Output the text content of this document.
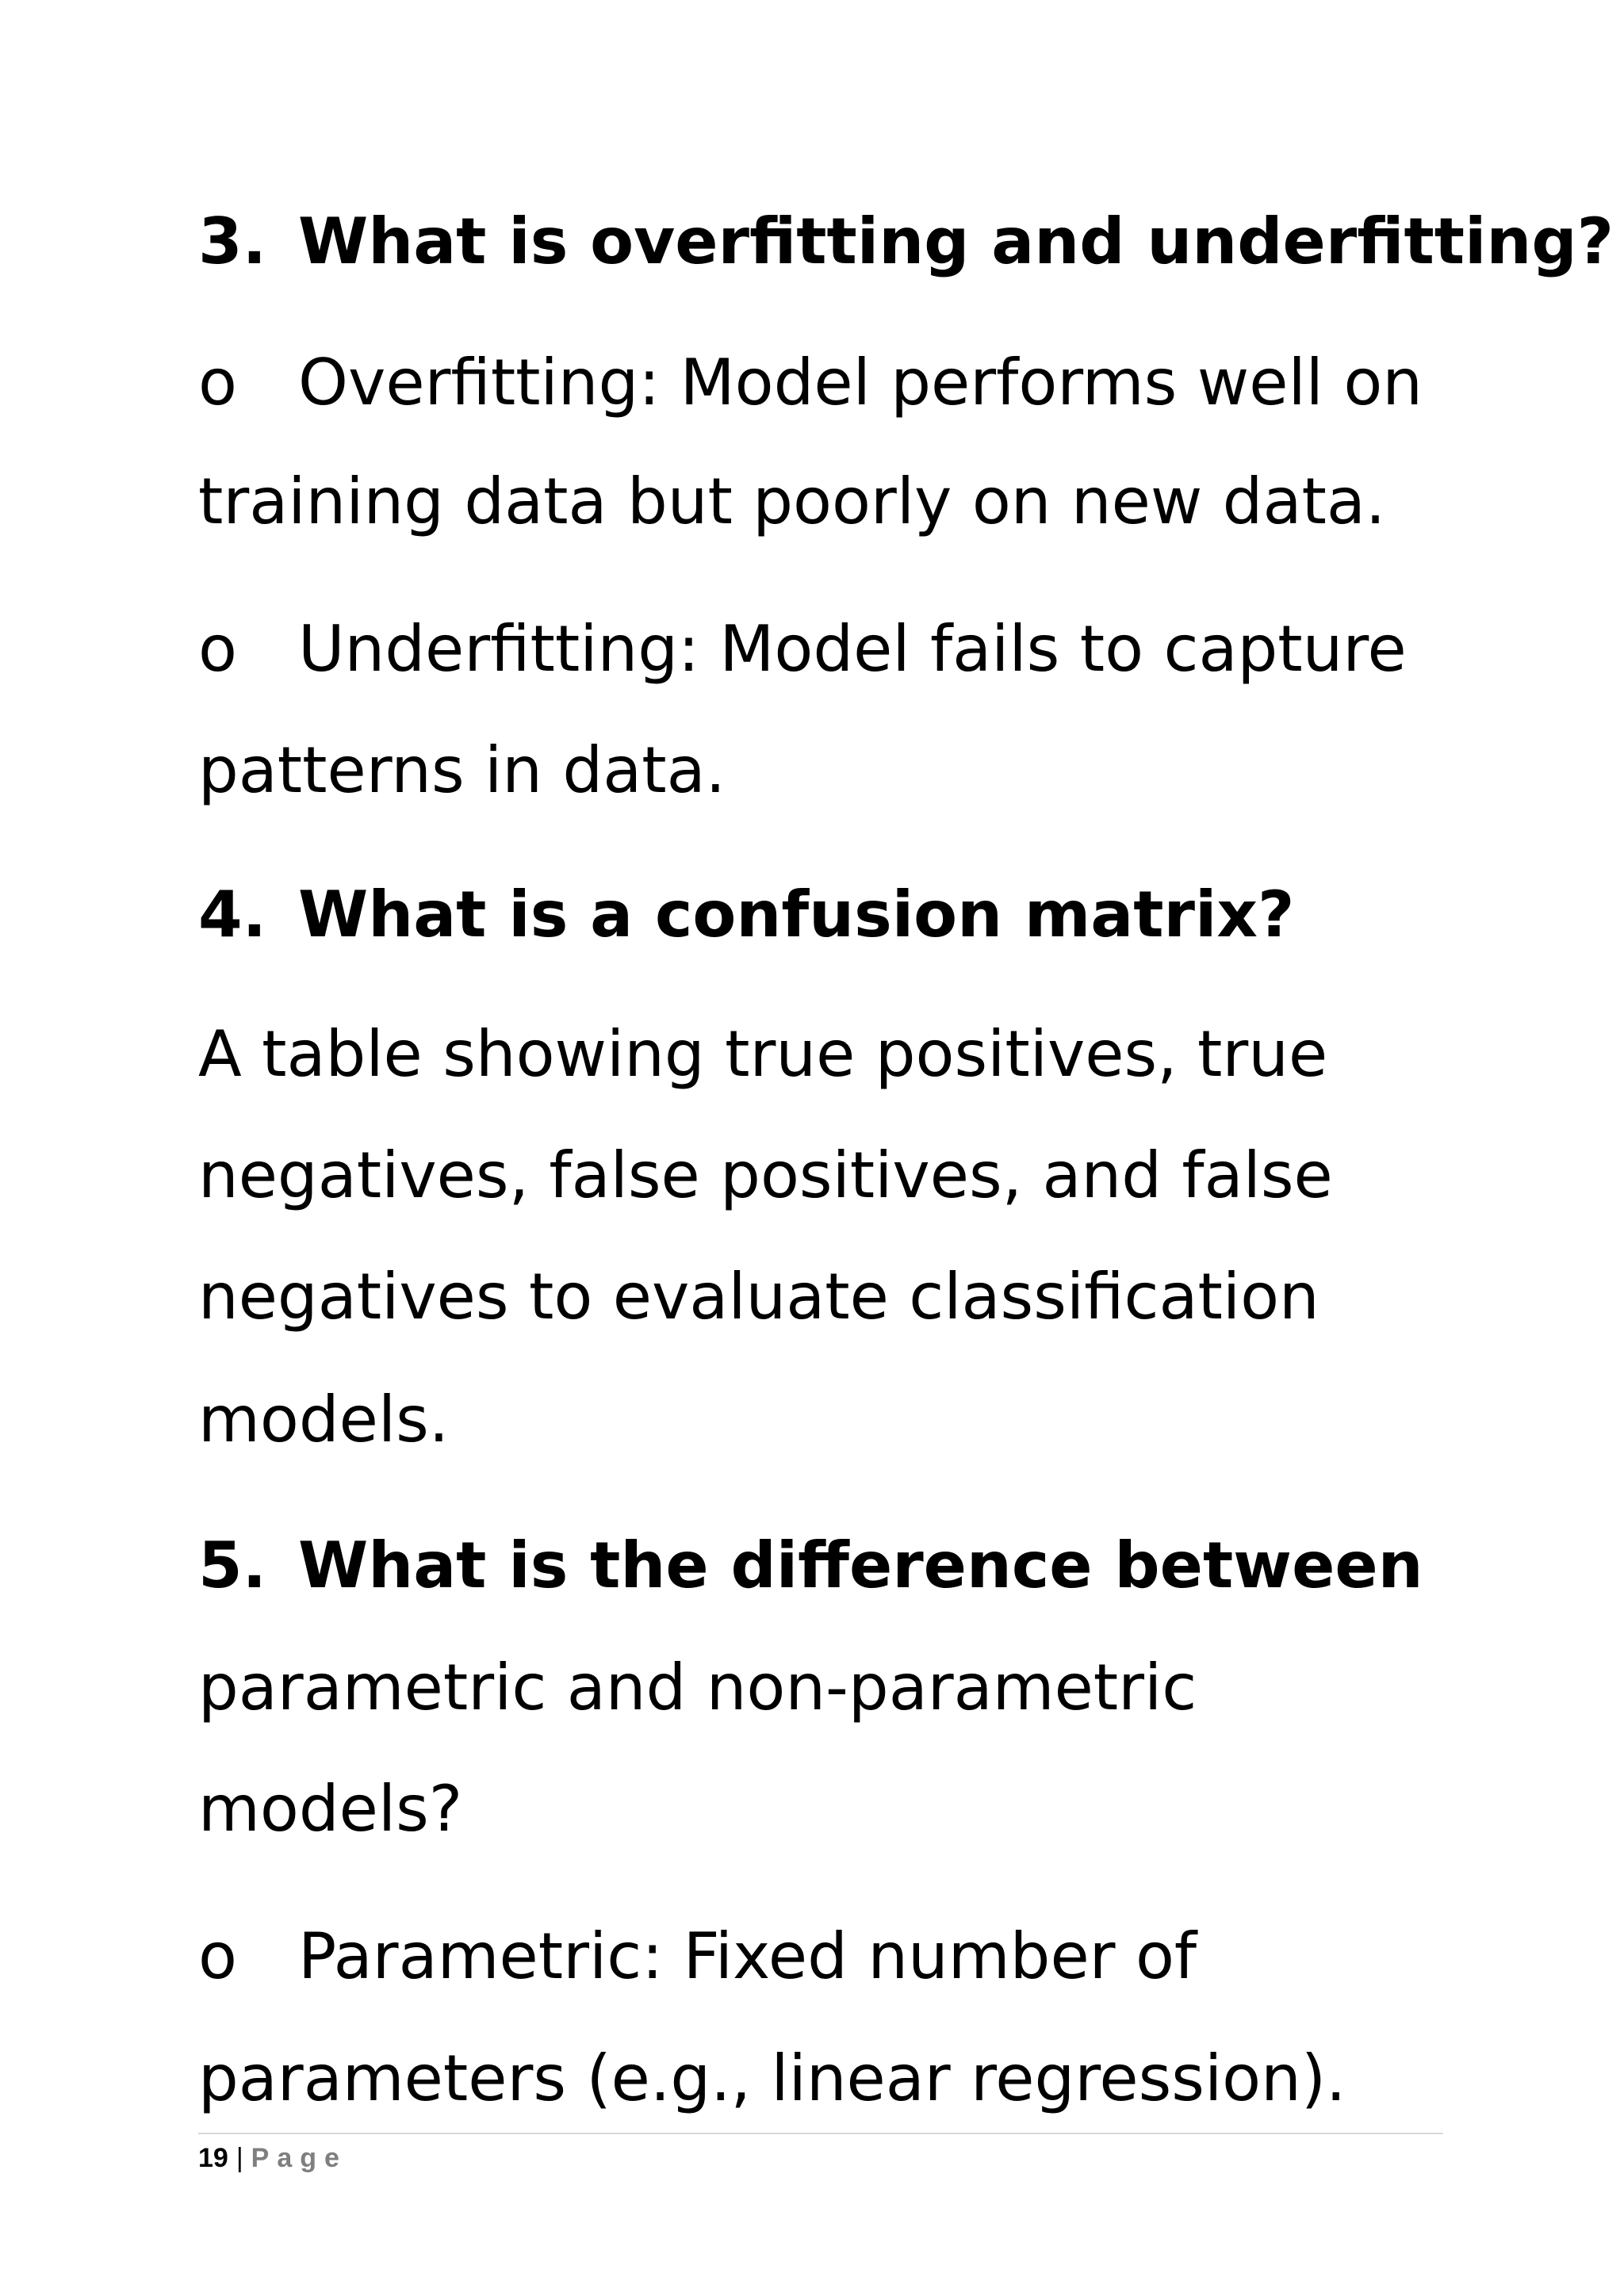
3. What is overfitting and underfitting?
o Overfitting: Model performs well on
training data but poorly on new data.
o Underfitting: Model fails to capture
patterns in data.
4. What is a confusion matrix?
A table showing true positives, true
negatives, false positives, and false
negatives to evaluate classification
models.
5. What is the difference between
parametric and non-parametric
models?
o Parametric: Fixed number of
parameters (e.g., linear regression).
19 | Page
